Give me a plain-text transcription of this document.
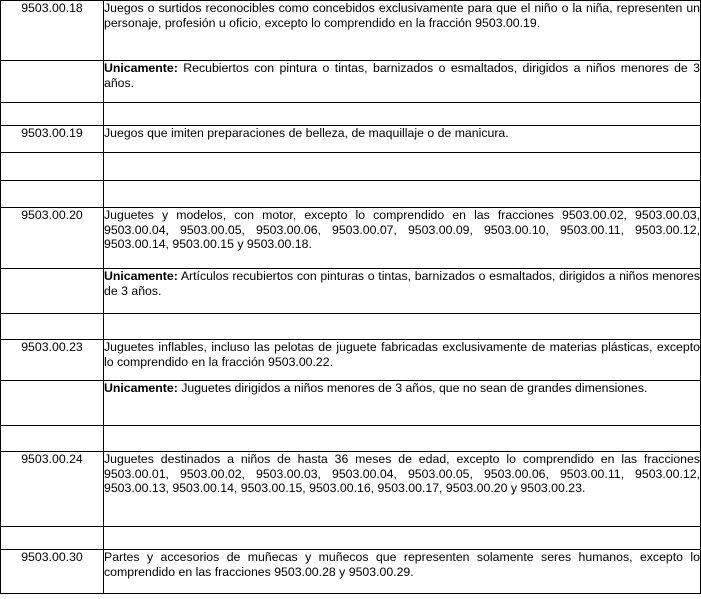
9503.00.18	Juegos o surtidos reconocibles como concebidos exclusivamente para que el niño o la niña, representen un personaje, profesión u oficio, excepto lo comprendido en la fracción 9503.00.19.
	Unicamente: Recubiertos con pintura o tintas, barnizados o esmaltados, dirigidos a niños menores de 3 años.

9503.00.19	Juegos que imiten preparaciones de belleza, de maquillaje o de manicura.

9503.00.20	Juguetes y modelos, con motor, excepto lo comprendido en las fracciones 9503.00.02, 9503.00.03, 9503.00.04, 9503.00.05, 9503.00.06, 9503.00.07, 9503.00.09, 9503.00.10, 9503.00.11, 9503.00.12, 9503.00.14, 9503.00.15 y 9503.00.18.
	Unicamente: Artículos recubiertos con pinturas o tintas, barnizados o esmaltados, dirigidos a niños menores de 3 años.

9503.00.23	Juguetes inflables, incluso las pelotas de juguete fabricadas exclusivamente de materias plásticas, excepto lo comprendido en la fracción 9503.00.22.
	Unicamente: Juguetes dirigidos a niños menores de 3 años, que no sean de grandes dimensiones.

9503.00.24	Juguetes destinados a niños de hasta 36 meses de edad, excepto lo comprendido en las fracciones 9503.00.01, 9503.00.02, 9503.00.03, 9503.00.04, 9503.00.05, 9503.00.06, 9503.00.11, 9503.00.12, 9503.00.13, 9503.00.14, 9503.00.15, 9503.00.16, 9503.00.17, 9503.00.20 y 9503.00.23.

9503.00.30	Partes y accesorios de muñecas y muñecos que representen solamente seres humanos, excepto lo comprendido en las fracciones 9503.00.28 y 9503.00.29.
